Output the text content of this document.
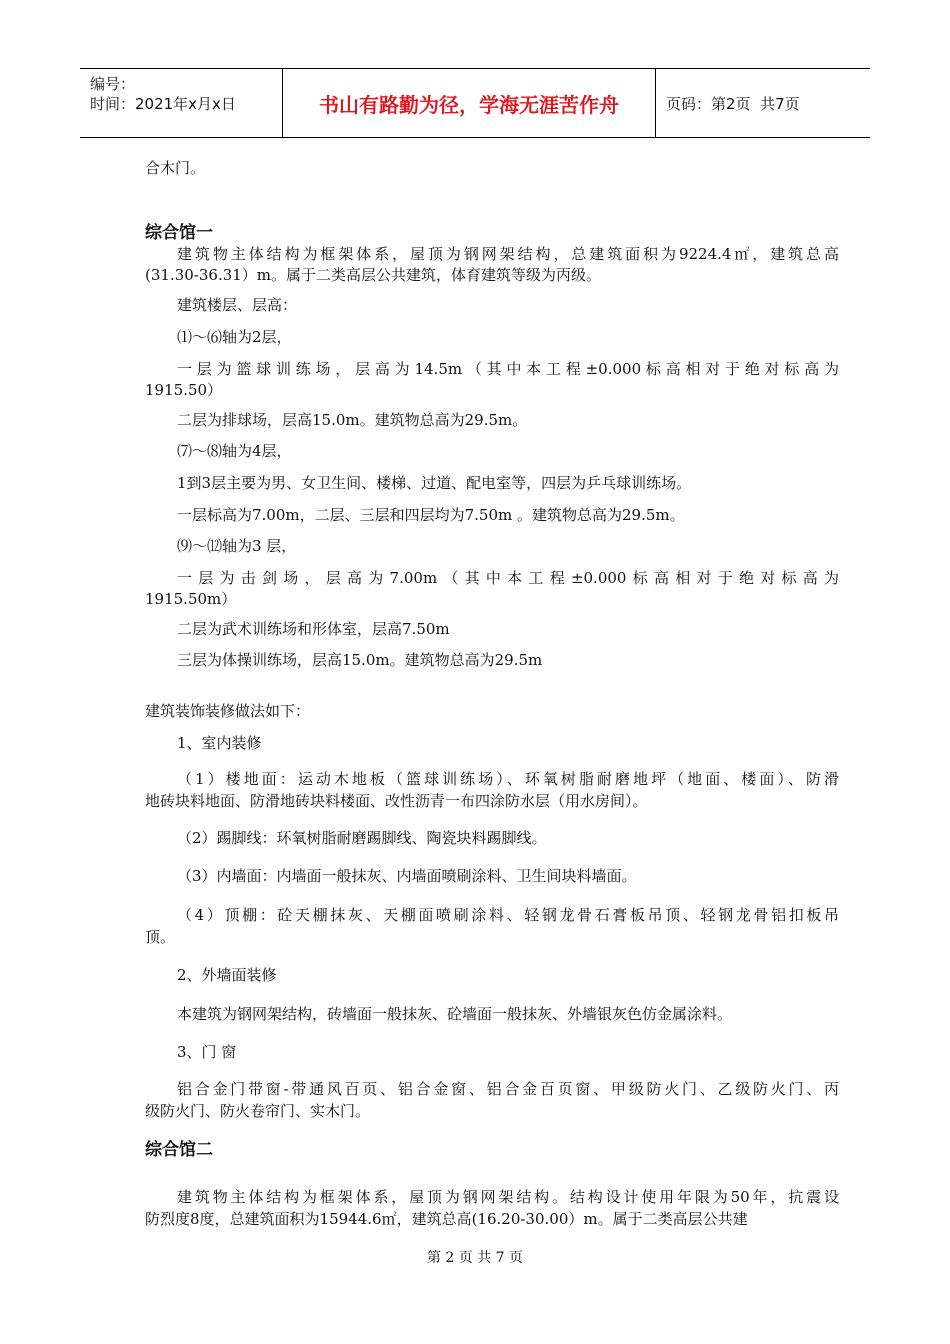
编号：
时间：2021年x月x日	书山有路勤为径，学海无涯苦作舟	页码：第2页  共7页
合木门。
综合馆一
建筑物主体结构为框架体系，屋顶为钢网架结构，总建筑面积为9224.4㎡，建筑总高
(31.30-36.31）m。属于二类高层公共建筑，体育建筑等级为丙级。
建筑楼层、层高：
⑴～⑹轴为2层，
一层为篮球训练场，层高为14.5m（其中本工程±0.000标高相对于绝对标高为
1915.50）
二层为排球场，层高15.0m。建筑物总高为29.5m。
⑺～⑻轴为4层，
1到3层主要为男、女卫生间、楼梯、过道、配电室等，四层为乒乓球训练场。
一层标高为7.00m，二层、三层和四层均为7.50m 。建筑物总高为29.5m。
⑼～⑿轴为3 层，
一层为击剑场，层高为7.00m（其中本工程±0.000标高相对于绝对标高为
1915.50m）
二层为武术训练场和形体室，层高7.50m
三层为体操训练场，层高15.0m。建筑物总高为29.5m
建筑装饰装修做法如下：
1、室内装修
（1）楼地面：运动木地板（篮球训练场）、环氧树脂耐磨地坪（地面、楼面）、防滑
地砖块料地面、防滑地砖块料楼面、改性沥青一布四涂防水层（用水房间）。
（2）踢脚线：环氧树脂耐磨踢脚线、陶瓷块料踢脚线。
（3）内墙面：内墙面一般抹灰、内墙面喷刷涂料、卫生间块料墙面。
（4）顶棚：砼天棚抹灰、天棚面喷刷涂料、轻钢龙骨石膏板吊顶、轻钢龙骨铝扣板吊
顶。
2、外墙面装修
本建筑为钢网架结构，砖墙面一般抹灰、砼墙面一般抹灰、外墙银灰色仿金属涂料。
3、门 窗
铝合金门带窗-带通风百页、铝合金窗、铝合金百页窗、甲级防火门、乙级防火门、丙
级防火门、防火卷帘门、实木门。
综合馆二
建筑物主体结构为框架体系，屋顶为钢网架结构。结构设计使用年限为50年，抗震设
防烈度8度，总建筑面积为15944.6㎡，建筑总高(16.20-30.00）m。属于二类高层公共建
第 2 页 共 7 页
